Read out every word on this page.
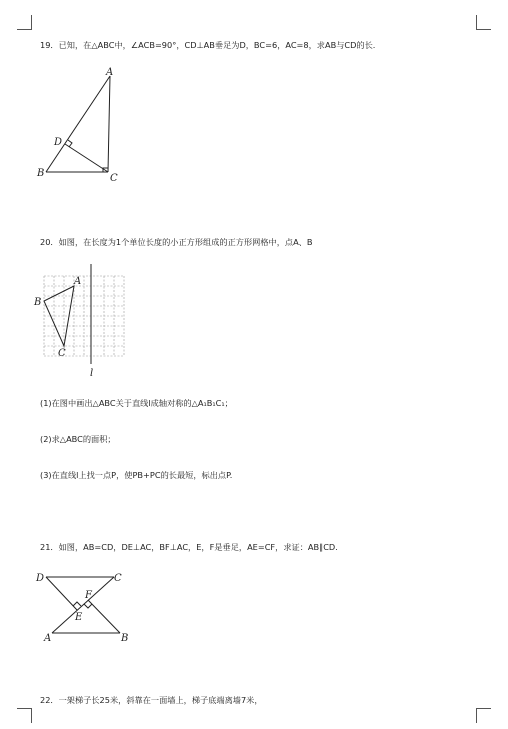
19．已知，在△ABC中，∠ACB=90°，CD⊥AB垂足为D，BC=6，AC=8，求AB与CD的长.
A
B	C
D
20．如图，在长度为1个单位长度的小正方形组成的正方形网格中，点A、B
A
B
C
l
(1)在图中画出△ABC关于直线l成轴对称的△A₁B₁C₁；
(2)求△ABC的面积；
(3)在直线l上找一点P，使PB+PC的长最短，标出点P.
21．如图，AB=CD，DE⊥AC，BF⊥AC，E，F是垂足，AE=CF，求证：AB∥CD.
D	C
A	B
E
F
22．一架梯子长25米，斜靠在一面墙上，梯子底端离墙7米，
